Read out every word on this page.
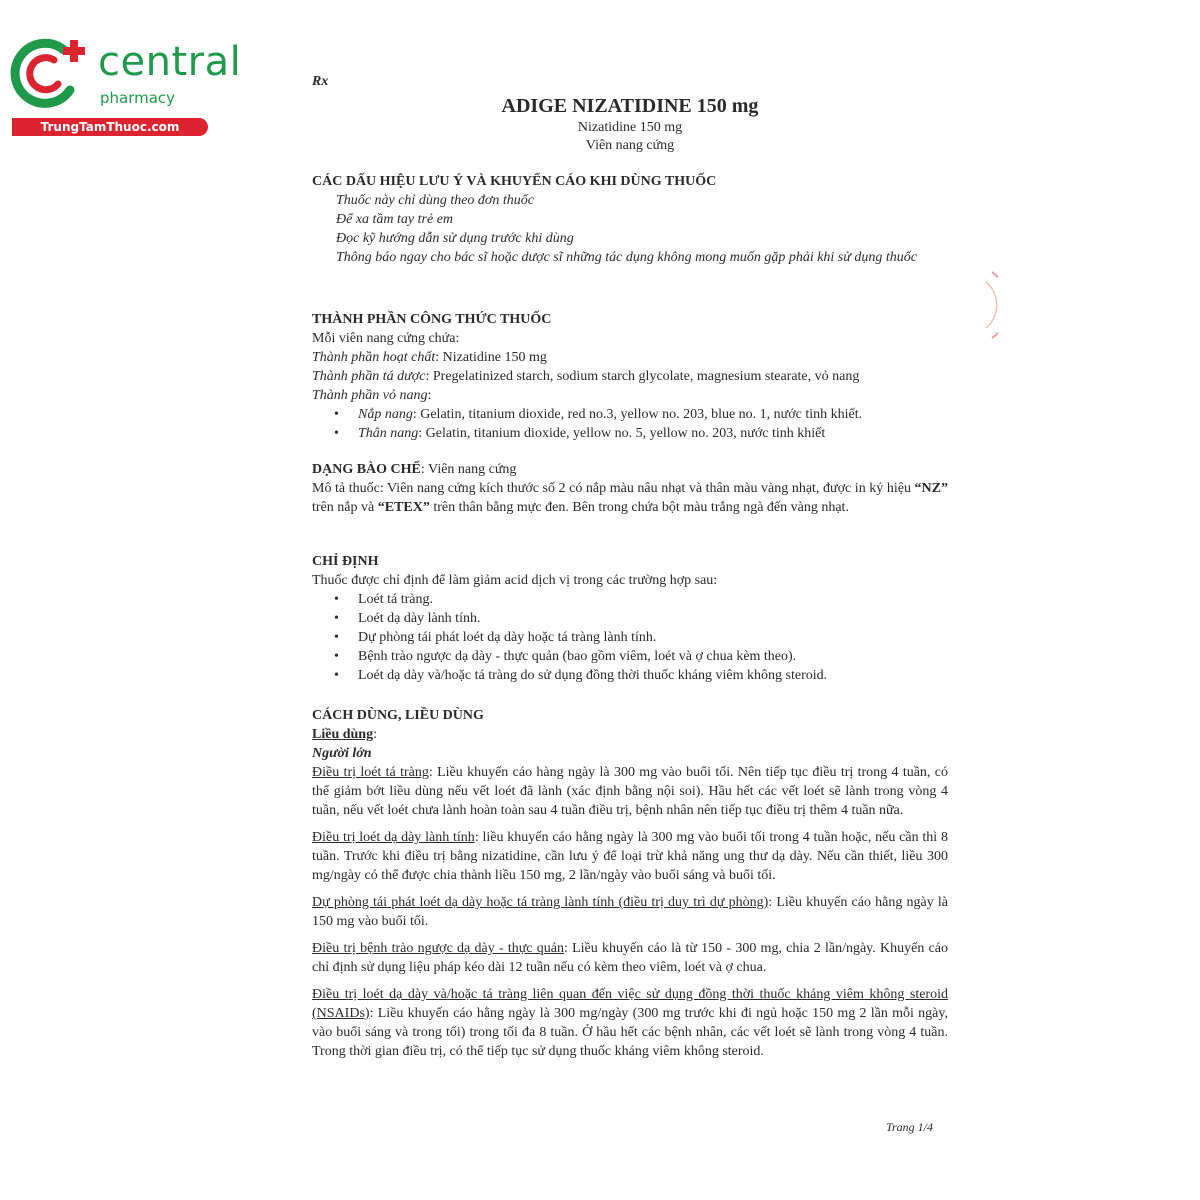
central
pharmacy
TrungTamThuoc.com
Rx
ADIGE NIZATIDINE 150 mg
Nizatidine 150 mg
Viên nang cứng
CÁC DẤU HIỆU LƯU Ý VÀ KHUYẾN CÁO KHI DÙNG THUỐC
Thuốc này chỉ dùng theo đơn thuốc
Để xa tầm tay trẻ em
Đọc kỹ hướng dẫn sử dụng trước khi dùng
Thông báo ngay cho bác sĩ hoặc dược sĩ những tác dụng không mong muốn gặp phải khi sử dụng thuốc
THÀNH PHẦN CÔNG THỨC THUỐC
Mỗi viên nang cứng chứa:
Thành phần hoạt chất: Nizatidine 150 mg
Thành phần tá dược: Pregelatinized starch, sodium starch glycolate, magnesium stearate, vỏ nang
Thành phần vỏ nang:
• Nắp nang: Gelatin, titanium dioxide, red no.3, yellow no. 203, blue no. 1, nước tinh khiết.
• Thân nang: Gelatin, titanium dioxide, yellow no. 5, yellow no. 203, nước tinh khiết
DẠNG BÀO CHẾ: Viên nang cứng
Mô tả thuốc: Viên nang cứng kích thước số 2 có nắp màu nâu nhạt và thân màu vàng nhạt, được in ký hiệu “NZ” trên nắp và “ETEX” trên thân bằng mực đen. Bên trong chứa bột màu trắng ngà đến vàng nhạt.
CHỈ ĐỊNH
Thuốc được chỉ định để làm giảm acid dịch vị trong các trường hợp sau:
• Loét tá tràng.
• Loét dạ dày lành tính.
• Dự phòng tái phát loét dạ dày hoặc tá tràng lành tính.
• Bệnh trào ngược dạ dày - thực quản (bao gồm viêm, loét và ợ chua kèm theo).
• Loét dạ dày và/hoặc tá tràng do sử dụng đồng thời thuốc kháng viêm không steroid.
CÁCH DÙNG, LIỀU DÙNG
Liều dùng:
Người lớn
Điều trị loét tá tràng: Liều khuyến cáo hàng ngày là 300 mg vào buổi tối. Nên tiếp tục điều trị trong 4 tuần, có thể giảm bớt liều dùng nếu vết loét đã lành (xác định bằng nội soi). Hầu hết các vết loét sẽ lành trong vòng 4 tuần, nếu vết loét chưa lành hoàn toàn sau 4 tuần điều trị, bệnh nhân nên tiếp tục điều trị thêm 4 tuần nữa.
Điều trị loét dạ dày lành tính: liều khuyến cáo hằng ngày là 300 mg vào buổi tối trong 4 tuần hoặc, nếu cần thì 8 tuần. Trước khi điều trị bằng nizatidine, cần lưu ý để loại trừ khả năng ung thư dạ dày. Nếu cần thiết, liều 300 mg/ngày có thể được chia thành liều 150 mg, 2 lần/ngày vào buổi sáng và buổi tối.
Dự phòng tái phát loét dạ dày hoặc tá tràng lành tính (điều trị duy trì dự phòng): Liều khuyến cáo hằng ngày là 150 mg vào buổi tối.
Điều trị bệnh trào ngược dạ dày - thực quản: Liều khuyến cáo là từ 150 - 300 mg, chia 2 lần/ngày. Khuyến cáo chỉ định sử dụng liệu pháp kéo dài 12 tuần nếu có kèm theo viêm, loét và ợ chua.
Điều trị loét dạ dày và/hoặc tá tràng liên quan đến việc sử dụng đồng thời thuốc kháng viêm không steroid (NSAIDs): Liều khuyến cáo hằng ngày là 300 mg/ngày (300 mg trước khi đi ngủ hoặc 150 mg 2 lần mỗi ngày, vào buổi sáng và trong tối) trong tối đa 8 tuần. Ở hầu hết các bệnh nhân, các vết loét sẽ lành trong vòng 4 tuần. Trong thời gian điều trị, có thể tiếp tục sử dụng thuốc kháng viêm không steroid.
Trang 1/4
